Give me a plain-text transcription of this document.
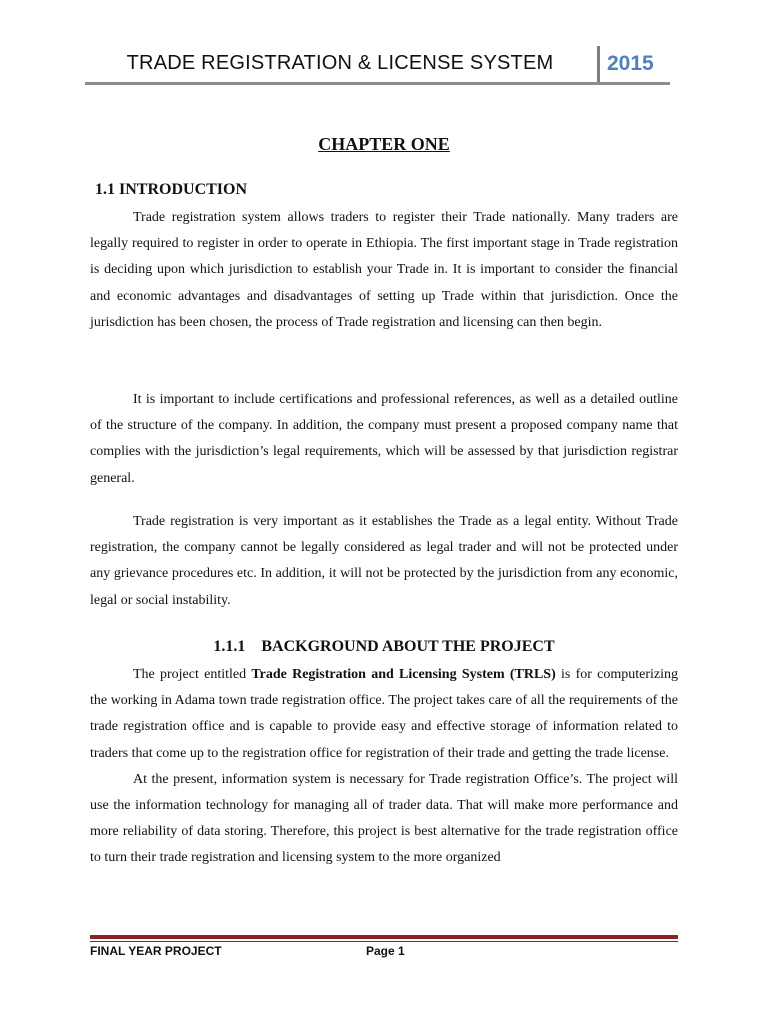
TRADE REGISTRATION & LICENSE SYSTEM	2015
CHAPTER ONE
1.1 INTRODUCTION

Trade registration system allows traders to register their Trade nationally. Many traders are legally required to register in order to operate in Ethiopia. The first important stage in Trade registration is deciding upon which jurisdiction to establish your Trade in. It is important to consider the financial and economic advantages and disadvantages of setting up Trade within that jurisdiction. Once the jurisdiction has been chosen, the process of Trade registration and licensing can then begin.

It is important to include certifications and professional references, as well as a detailed outline of the structure of the company. In addition, the company must present a proposed company name that complies with the jurisdiction’s legal requirements, which will be assessed by that jurisdiction registrar general.

Trade registration is very important as it establishes the Trade as a legal entity. Without Trade registration, the company cannot be legally considered as legal trader and will not be protected under any grievance procedures etc. In addition, it will not be protected by the jurisdiction from any economic, legal or social instability.

1.1.1 BACKGROUND ABOUT THE PROJECT

The project entitled Trade Registration and Licensing System (TRLS) is for computerizing the working in Adama town trade registration office. The project takes care of all the requirements of the trade registration office and is capable to provide easy and effective storage of information related to traders that come up to the registration office for registration of their trade and getting the trade license.

At the present, information system is necessary for Trade registration Office’s. The project will use the information technology for managing all of trader data. That will make more performance and more reliability of data storing. Therefore, this project is best alternative for the trade registration office to turn their trade registration and licensing system to the more organized

FINAL YEAR PROJECT	Page 1
